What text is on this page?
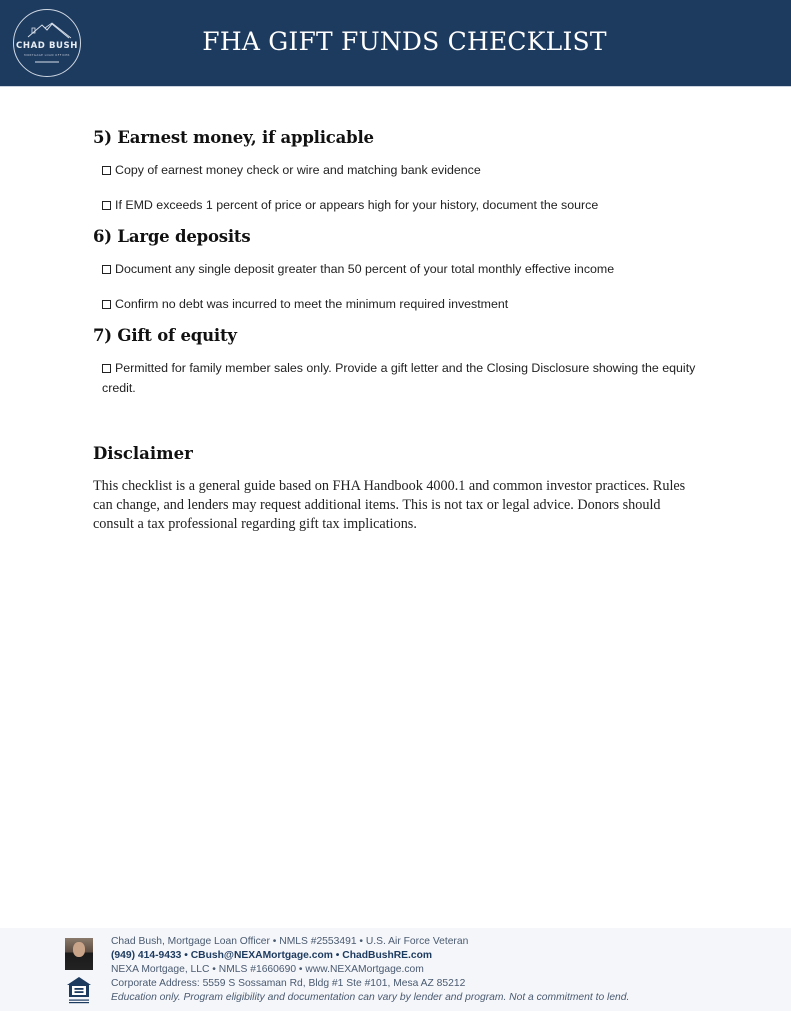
CHAD BUSH
MORTGAGE LOAN OFFICER	FHA GIFT FUNDS CHECKLIST
5) Earnest money, if applicable
Copy of earnest money check or wire and matching bank evidence
If EMD exceeds 1 percent of price or appears high for your history, document the source
6) Large deposits
Document any single deposit greater than 50 percent of your total monthly effective income
Confirm no debt was incurred to meet the minimum required investment
7) Gift of equity
Permitted for family member sales only. Provide a gift letter and the Closing Disclosure showing the equity credit.
Disclaimer

This checklist is a general guide based on FHA Handbook 4000.1 and common investor practices. Rules can change, and lenders may request additional items. This is not tax or legal advice. Donors should consult a tax professional regarding gift tax implications.

Chad Bush, Mortgage Loan Officer • NMLS #2553491 • U.S. Air Force Veteran
(949) 414-9433 • CBush@NEXAMortgage.com • ChadBushRE.com
NEXA Mortgage, LLC • NMLS #1660690 • www.NEXAMortgage.com
Corporate Address: 5559 S Sossaman Rd, Bldg #1 Ste #101, Mesa AZ 85212
Education only. Program eligibility and documentation can vary by lender and program. Not a commitment to lend.
